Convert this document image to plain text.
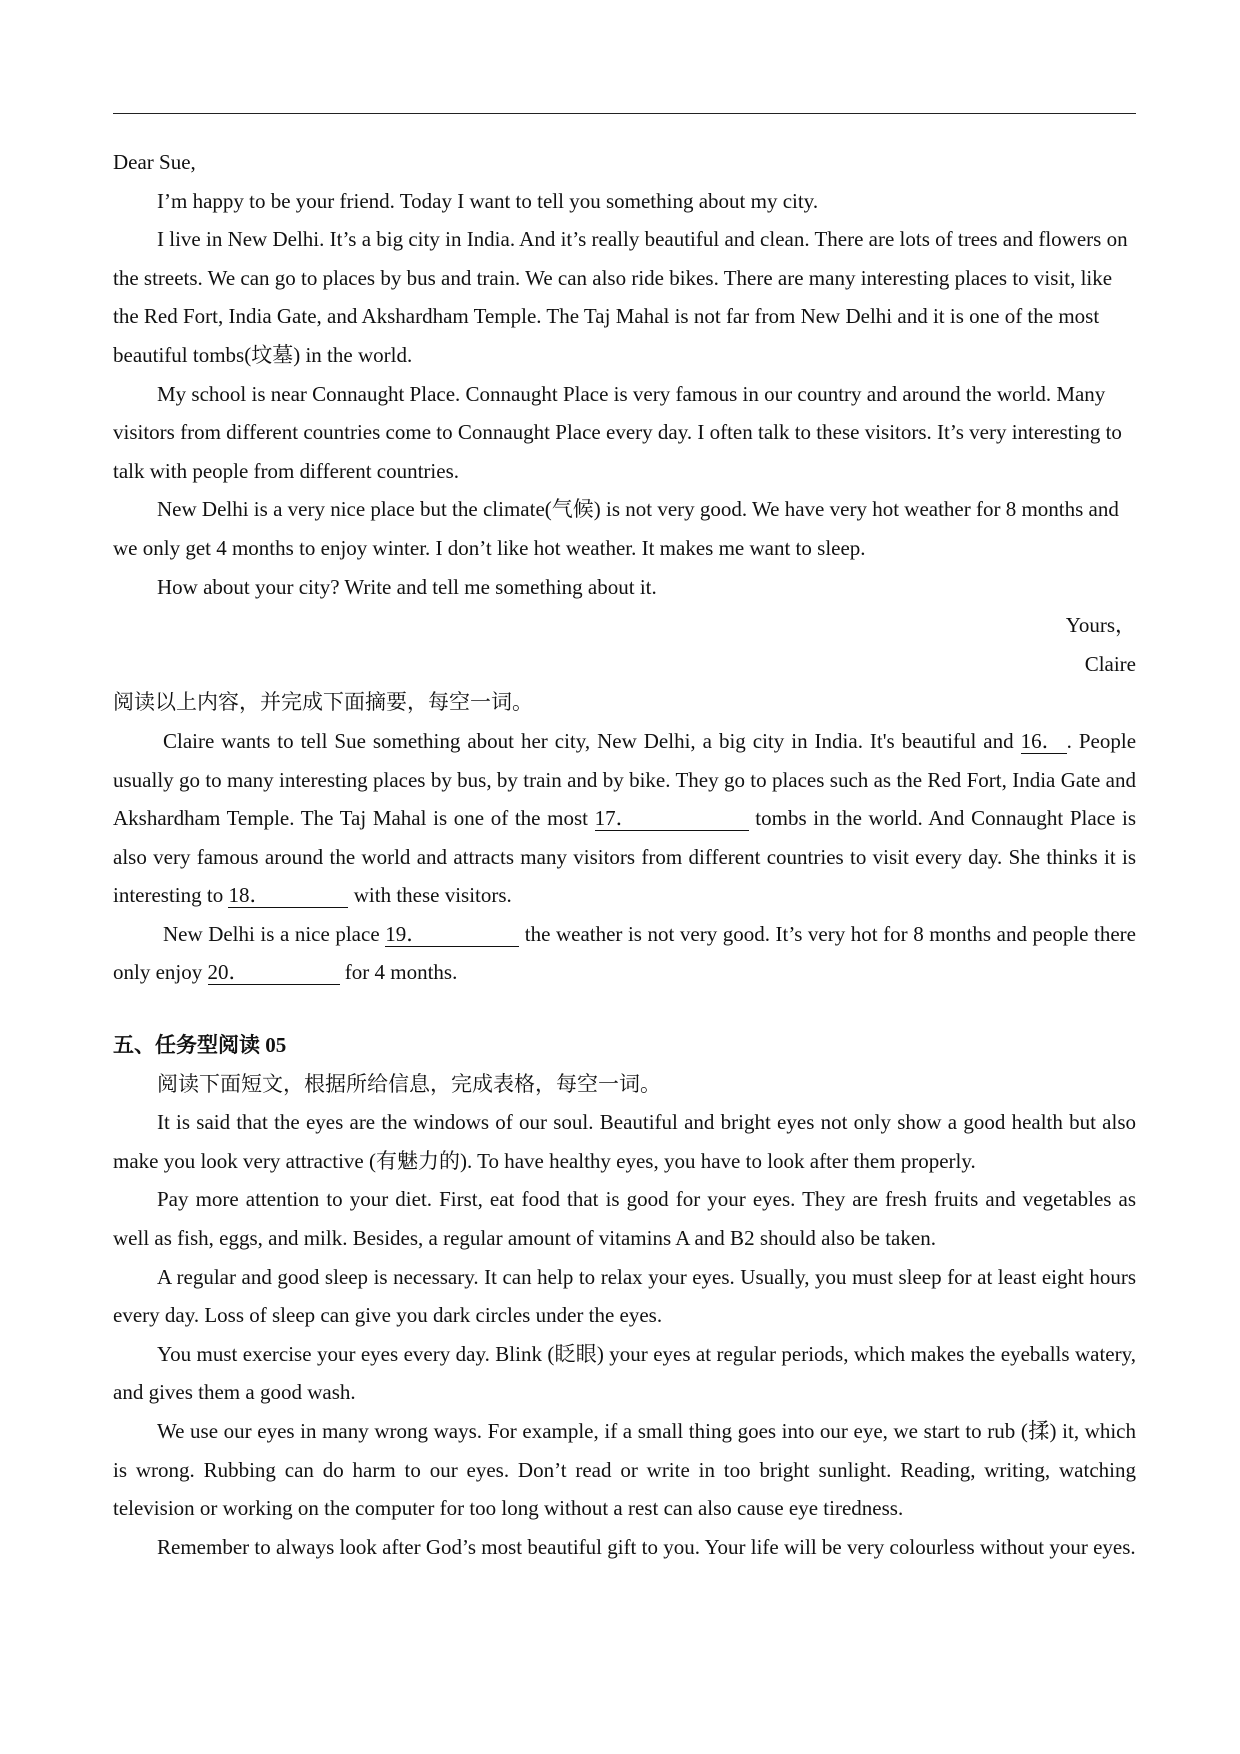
Dear Sue,

I’m happy to be your friend. Today I want to tell you something about my city.

I live in New Delhi. It’s a big city in India. And it’s really beautiful and clean. There are lots of trees and flowers on the streets. We can go to places by bus and train. We can also ride bikes. There are many interesting places to visit, like the Red Fort, India Gate, and Akshardham Temple. The Taj Mahal is not far from New Delhi and it is one of the most beautiful tombs(坟墓) in the world.

My school is near Connaught Place. Connaught Place is very famous in our country and around the world. Many visitors from different countries come to Connaught Place every day. I often talk to these visitors. It’s very interesting to talk with people from different countries.

New Delhi is a very nice place but the climate(气候) is not very good. We have very hot weather for 8 months and we only get 4 months to enjoy winter. I don’t like hot weather. It makes me want to sleep.

How about your city? Write and tell me something about it.

Yours，

Claire

阅读以上内容，并完成下面摘要，每空一词。

Claire wants to tell Sue something about her city, New Delhi, a big city in India. It's beautiful and 16． . People usually go to many interesting places by bus, by train and by bike. They go to places such as the Red Fort, India Gate and Akshardham Temple. The Taj Mahal is one of the most 17．	tombs in the world. And Connaught Place is also very famous around the world and attracts many visitors from different countries to visit every day. She thinks it is interesting to 18．	with these visitors.

New Delhi is a nice place 19．	the weather is not very good. It’s very hot for 8 months and people there only enjoy 20．	for 4 months.

五、任务型阅读 05

阅读下面短文，根据所给信息，完成表格，每空一词。

It is said that the eyes are the windows of our soul. Beautiful and bright eyes not only show a good health but also make you look very attractive (有魅力的). To have healthy eyes, you have to look after them properly.

Pay more attention to your diet. First, eat food that is good for your eyes. They are fresh fruits and vegetables as well as fish, eggs, and milk. Besides, a regular amount of vitamins A and B2 should also be taken.

A regular and good sleep is necessary. It can help to relax your eyes. Usually, you must sleep for at least eight hours every day. Loss of sleep can give you dark circles under the eyes.

You must exercise your eyes every day. Blink (眨眼) your eyes at regular periods, which makes the eyeballs watery, and gives them a good wash.

We use our eyes in many wrong ways. For example, if a small thing goes into our eye, we start to rub (揉) it, which is wrong. Rubbing can do harm to our eyes. Don’t read or write in too bright sunlight. Reading, writing, watching television or working on the computer for too long without a rest can also cause eye tiredness.

Remember to always look after God’s most beautiful gift to you. Your life will be very colourless without your eyes.
